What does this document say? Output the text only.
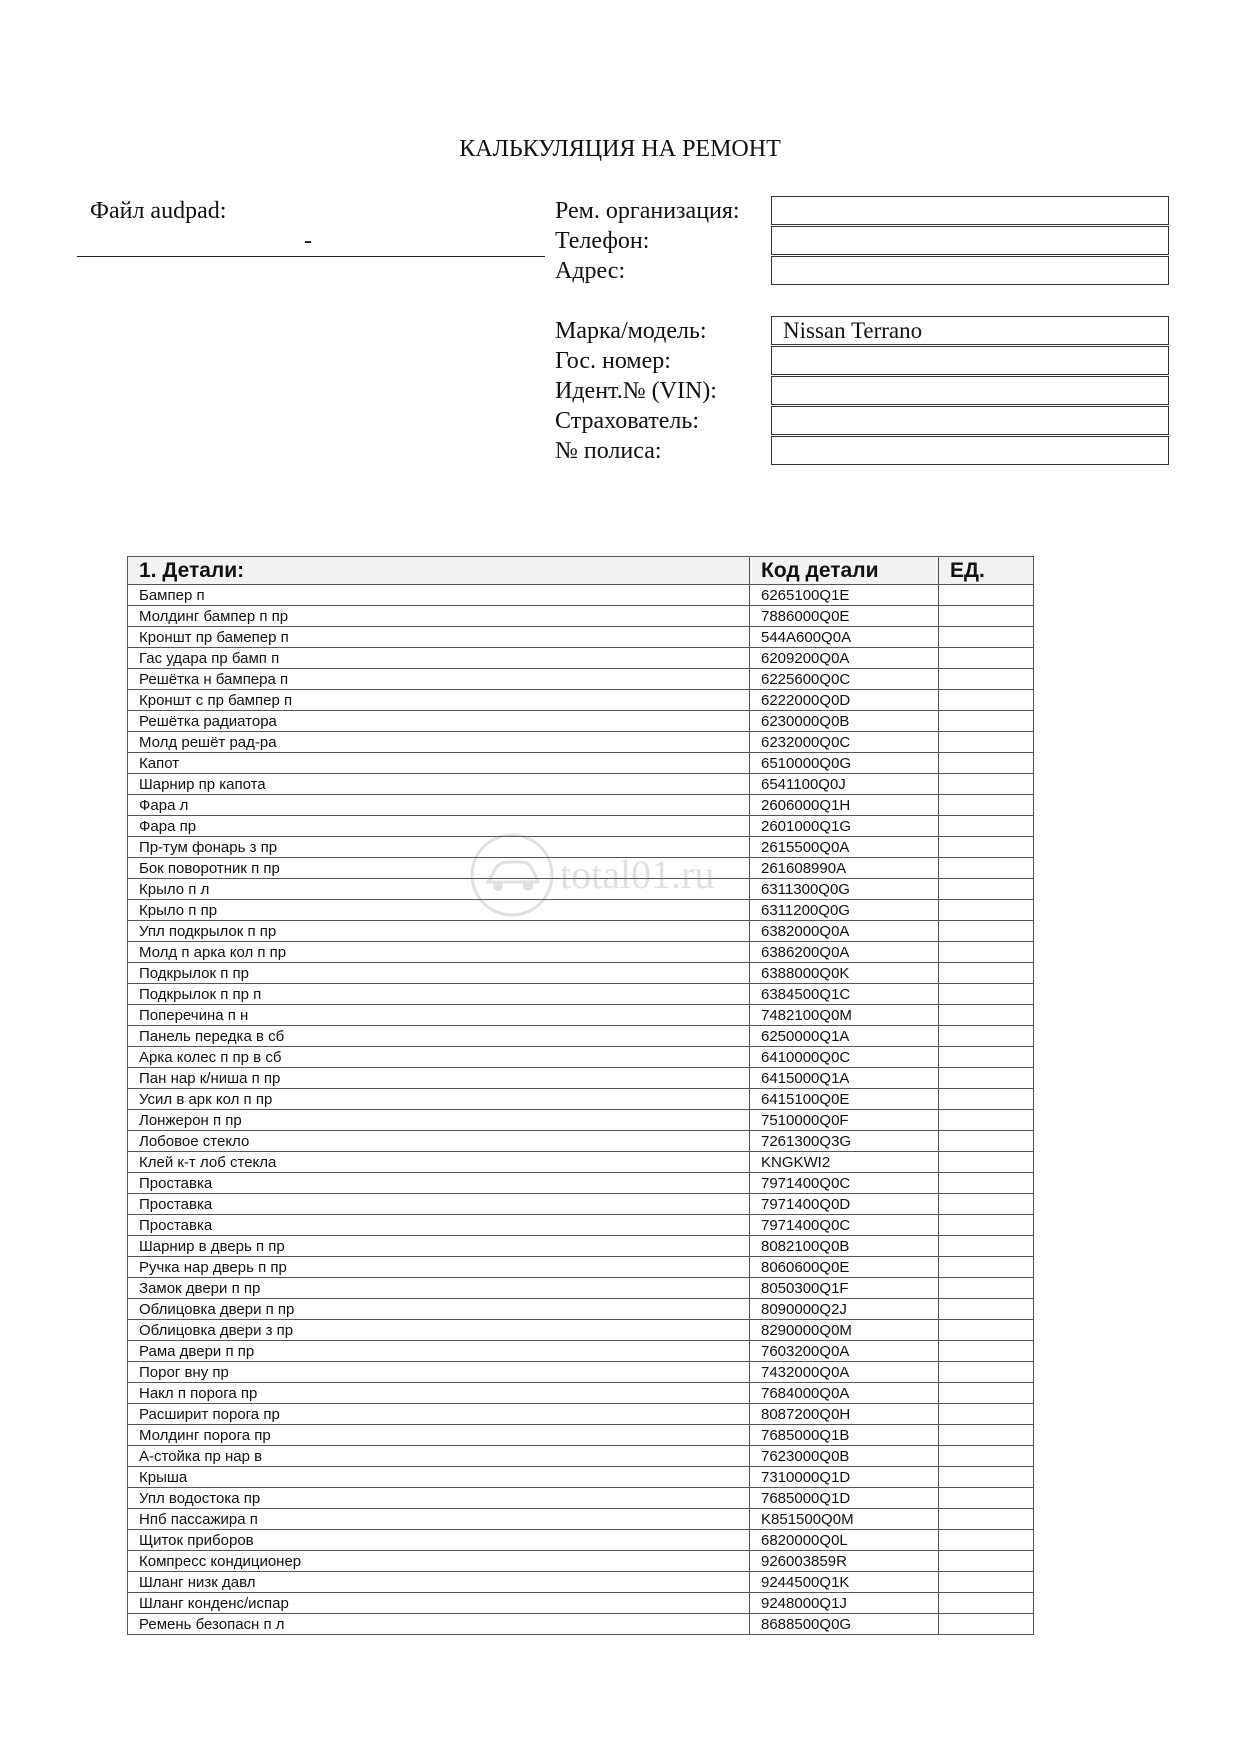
КАЛЬКУЛЯЦИЯ НА РЕМОНТ
Файл audpad:
-
Рем. организация:
Телефон:
Адрес:
Марка/модель:	Nissan Terrano
Гос. номер:
Идент.№ (VIN):
Страхователь:
№ полиса:
1. Детали:	Код детали	ЕД.
Бампер п	6265100Q1E	
Молдинг бампер п пр	7886000Q0E	
Кроншт пр бамепер п	544A600Q0A	
Гас удара пр бамп п	6209200Q0A	
Решётка н бампера п	6225600Q0C	
Кроншт с пр бампер п	6222000Q0D	
Решётка радиатора	6230000Q0B	
Молд решёт рад-ра	6232000Q0C	
Капот	6510000Q0G	
Шарнир пр капота	6541100Q0J	
Фара л	2606000Q1H	
Фара пр	2601000Q1G	
Пр-тум фонарь з пр	2615500Q0A	
Бок поворотник п пр	261608990A	
Крыло п л	6311300Q0G	
Крыло п пр	6311200Q0G	
Упл подкрылок п пр	6382000Q0A	
Молд п арка кол п пр	6386200Q0A	
Подкрылок п пр	6388000Q0K	
Подкрылок п пр п	6384500Q1C	
Поперечина п н	7482100Q0M	
Панель передка в сб	6250000Q1A	
Арка колес п пр в сб	6410000Q0C	
Пан нар к/ниша п пр	6415000Q1A	
Усил в арк кол п пр	6415100Q0E	
Лонжерон п пр	7510000Q0F	
Лобовое стекло	7261300Q3G	
Клей к-т лоб стекла	KNGKWI2	
Проставка	7971400Q0C	
Проставка	7971400Q0D	
Проставка	7971400Q0C	
Шарнир в дверь п пр	8082100Q0B	
Ручка нар дверь п пр	8060600Q0E	
Замок двери п пр	8050300Q1F	
Облицовка двери п пр	8090000Q2J	
Облицовка двери з пр	8290000Q0M	
Рама двери п пр	7603200Q0A	
Порог вну пр	7432000Q0A	
Накл п порога пр	7684000Q0A	
Расширит порога пр	8087200Q0H	
Молдинг порога пр	7685000Q1B	
А-стойка пр нар в	7623000Q0B	
Крыша	7310000Q1D	
Упл водостока пр	7685000Q1D	
Нпб пассажира п	K851500Q0M	
Щиток приборов	6820000Q0L	
Компресс кондиционер	926003859R	
Шланг низк давл	9244500Q1K	
Шланг конденс/испар	9248000Q1J	
Ремень безопасн п л	8688500Q0G	
total01.ru
